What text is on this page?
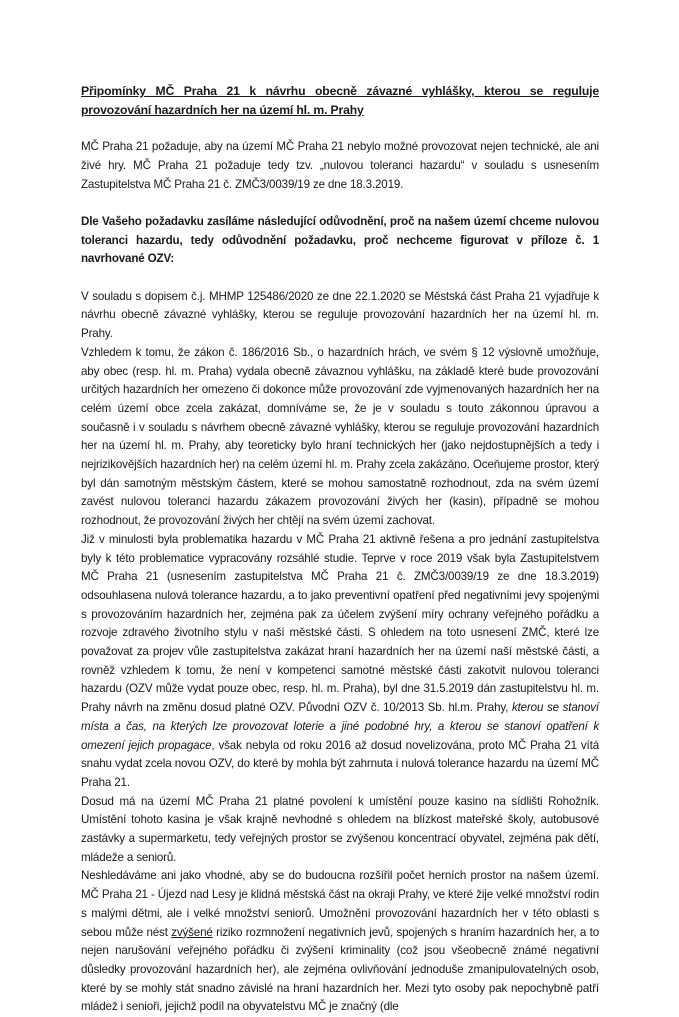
Připomínky MČ Praha 21 k návrhu obecně závazné vyhlášky, kterou se reguluje provozování hazardních her na území hl. m. Prahy

MČ Praha 21 požaduje, aby na území MČ Praha 21 nebylo možné provozovat nejen technické, ale ani živé hry. MČ Praha 21 požaduje tedy tzv. „nulovou toleranci hazardu“ v souladu s usnesením Zastupitelstva MČ Praha 21 č. ZMČ3/0039/19 ze dne 18.3.2019.

Dle Vašeho požadavku zasíláme následující odůvodnění, proč na našem území chceme nulovou toleranci hazardu, tedy odůvodnění požadavku, proč nechceme figurovat v příloze č. 1 navrhované OZV:

V souladu s dopisem č.j. MHMP 125486/2020 ze dne 22.1.2020 se Městská část Praha 21 vyjadřuje k návrhu obecně závazné vyhlášky, kterou se reguluje provozování hazardních her na území hl. m. Prahy.

Vzhledem k tomu, že zákon č. 186/2016 Sb., o hazardních hrách, ve svém § 12 výslovně umožňuje, aby obec (resp. hl. m. Praha) vydala obecně závaznou vyhlášku, na základě které bude provozování určitých hazardních her omezeno či dokonce může provozování zde vyjmenovaných hazardních her na celém území obce zcela zakázat, domníváme se, že je v souladu s touto zákonnou úpravou a současně i v souladu s návrhem obecně závazné vyhlášky, kterou se reguluje provozování hazardních her na území hl. m. Prahy, aby teoreticky bylo hraní technických her (jako nejdostupnějších a tedy i nejrizikovějších hazardních her) na celém území hl. m. Prahy zcela zakázáno. Oceňujeme prostor, který byl dán samotným městským částem, které se mohou samostatně rozhodnout, zda na svém území zavést nulovou toleranci hazardu zákazem provozování živých her (kasin), případně se mohou rozhodnout, že provozování živých her chtějí na svém území zachovat.

Již v minulosti byla problematika hazardu v MČ Praha 21 aktivně řešena a pro jednání zastupitelstva byly k této problematice vypracovány rozsáhlé studie. Teprve v roce 2019 však byla Zastupitelstvem MČ Praha 21 (usnesením zastupitelstva MČ Praha 21 č. ZMČ3/0039/19 ze dne 18.3.2019) odsouhlasena nulová tolerance hazardu, a to jako preventivní opatření před negativními jevy spojenými s provozováním hazardních her, zejména pak za účelem zvýšení míry ochrany veřejného pořádku a rozvoje zdravého životního stylu v naší městské části. S ohledem na toto usnesení ZMČ, které lze považovat za projev vůle zastupitelstva zakázat hraní hazardních her na území naší městské části, a rovněž vzhledem k tomu, že není v kompetenci samotné městské části zakotvit nulovou toleranci hazardu (OZV může vydat pouze obec, resp. hl. m. Praha), byl dne 31.5.2019 dán zastupitelstvu hl. m. Prahy návrh na změnu dosud platné OZV. Původní OZV č. 10/2013 Sb. hl.m. Prahy, kterou se stanoví místa a čas, na kterých lze provozovat loterie a jiné podobné hry, a kterou se stanoví opatření k omezení jejich propagace, však nebyla od roku 2016 až dosud novelizována, proto MČ Praha 21 vítá snahu vydat zcela novou OZV, do které by mohla být zahrnuta i nulová tolerance hazardu na území MČ Praha 21.

Dosud má na území MČ Praha 21 platné povolení k umístění pouze kasino na sídlišti Rohožník. Umístění tohoto kasina je však krajně nevhodné s ohledem na blízkost mateřské školy, autobusové zastávky a supermarketu, tedy veřejných prostor se zvýšenou koncentrací obyvatel, zejména pak dětí, mládeže a seniorů.

Neshledáváme ani jako vhodné, aby se do budoucna rozšířil počet herních prostor na našem území. MČ Praha 21 - Újezd nad Lesy je klidná městská část na okraji Prahy, ve které žije velké množství rodin s malými dětmi, ale i velké množství seniorů. Umožnění provozování hazardních her v této oblasti s sebou může nést zvýšené riziko rozmnožení negativních jevů, spojených s hraním hazardních her, a to nejen narušování veřejného pořádku či zvýšení kriminality (což jsou všeobecně známé negativní důsledky provozování hazardních her), ale zejména ovlivňování jednoduše zmanipulovatelných osob, které by se mohly stát snadno závislé na hraní hazardních her. Mezi tyto osoby pak nepochybně patří mládež i senioři, jejichž podíl na obyvatelstvu MČ je značný (dle
